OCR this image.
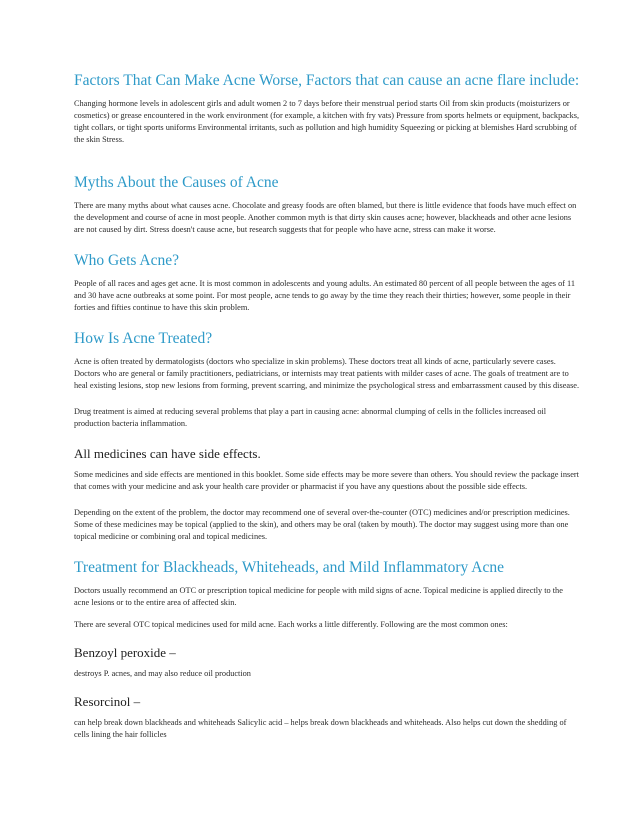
Factors That Can Make Acne Worse, Factors that can cause an acne flare include:

Changing hormone levels in adolescent girls and adult women 2 to 7 days before their menstrual period starts Oil from skin products (moisturizers or cosmetics) or grease encountered in the work environment (for example, a kitchen with fry vats) Pressure from sports helmets or equipment, backpacks, tight collars, or tight sports uniforms Environmental irritants, such as pollution and high humidity Squeezing or picking at blemishes Hard scrubbing of the skin Stress.

Myths About the Causes of Acne

There are many myths about what causes acne. Chocolate and greasy foods are often blamed, but there is little evidence that foods have much effect on the development and course of acne in most people. Another common myth is that dirty skin causes acne; however, blackheads and other acne lesions are not caused by dirt. Stress doesn't cause acne, but research suggests that for people who have acne, stress can make it worse.

Who Gets Acne?

People of all races and ages get acne. It is most common in adolescents and young adults. An estimated 80 percent of all people between the ages of 11 and 30 have acne outbreaks at some point. For most people, acne tends to go away by the time they reach their thirties; however, some people in their forties and fifties continue to have this skin problem.

How Is Acne Treated?

Acne is often treated by dermatologists (doctors who specialize in skin problems). These doctors treat all kinds of acne, particularly severe cases. Doctors who are general or family practitioners, pediatricians, or internists may treat patients with milder cases of acne. The goals of treatment are to heal existing lesions, stop new lesions from forming, prevent scarring, and minimize the psychological stress and embarrassment caused by this disease.

Drug treatment is aimed at reducing several problems that play a part in causing acne: abnormal clumping of cells in the follicles increased oil production bacteria inflammation.

All medicines can have side effects.

Some medicines and side effects are mentioned in this booklet. Some side effects may be more severe than others. You should review the package insert that comes with your medicine and ask your health care provider or pharmacist if you have any questions about the possible side effects.

Depending on the extent of the problem, the doctor may recommend one of several over-the-counter (OTC) medicines and/or prescription medicines. Some of these medicines may be topical (applied to the skin), and others may be oral (taken by mouth). The doctor may suggest using more than one topical medicine or combining oral and topical medicines.

Treatment for Blackheads, Whiteheads, and Mild Inflammatory Acne

Doctors usually recommend an OTC or prescription topical medicine for people with mild signs of acne. Topical medicine is applied directly to the acne lesions or to the entire area of affected skin.

There are several OTC topical medicines used for mild acne. Each works a little differently. Following are the most common ones:

Benzoyl peroxide –

destroys P. acnes, and may also reduce oil production

Resorcinol –

can help break down blackheads and whiteheads Salicylic acid – helps break down blackheads and whiteheads. Also helps cut down the shedding of cells lining the hair follicles
